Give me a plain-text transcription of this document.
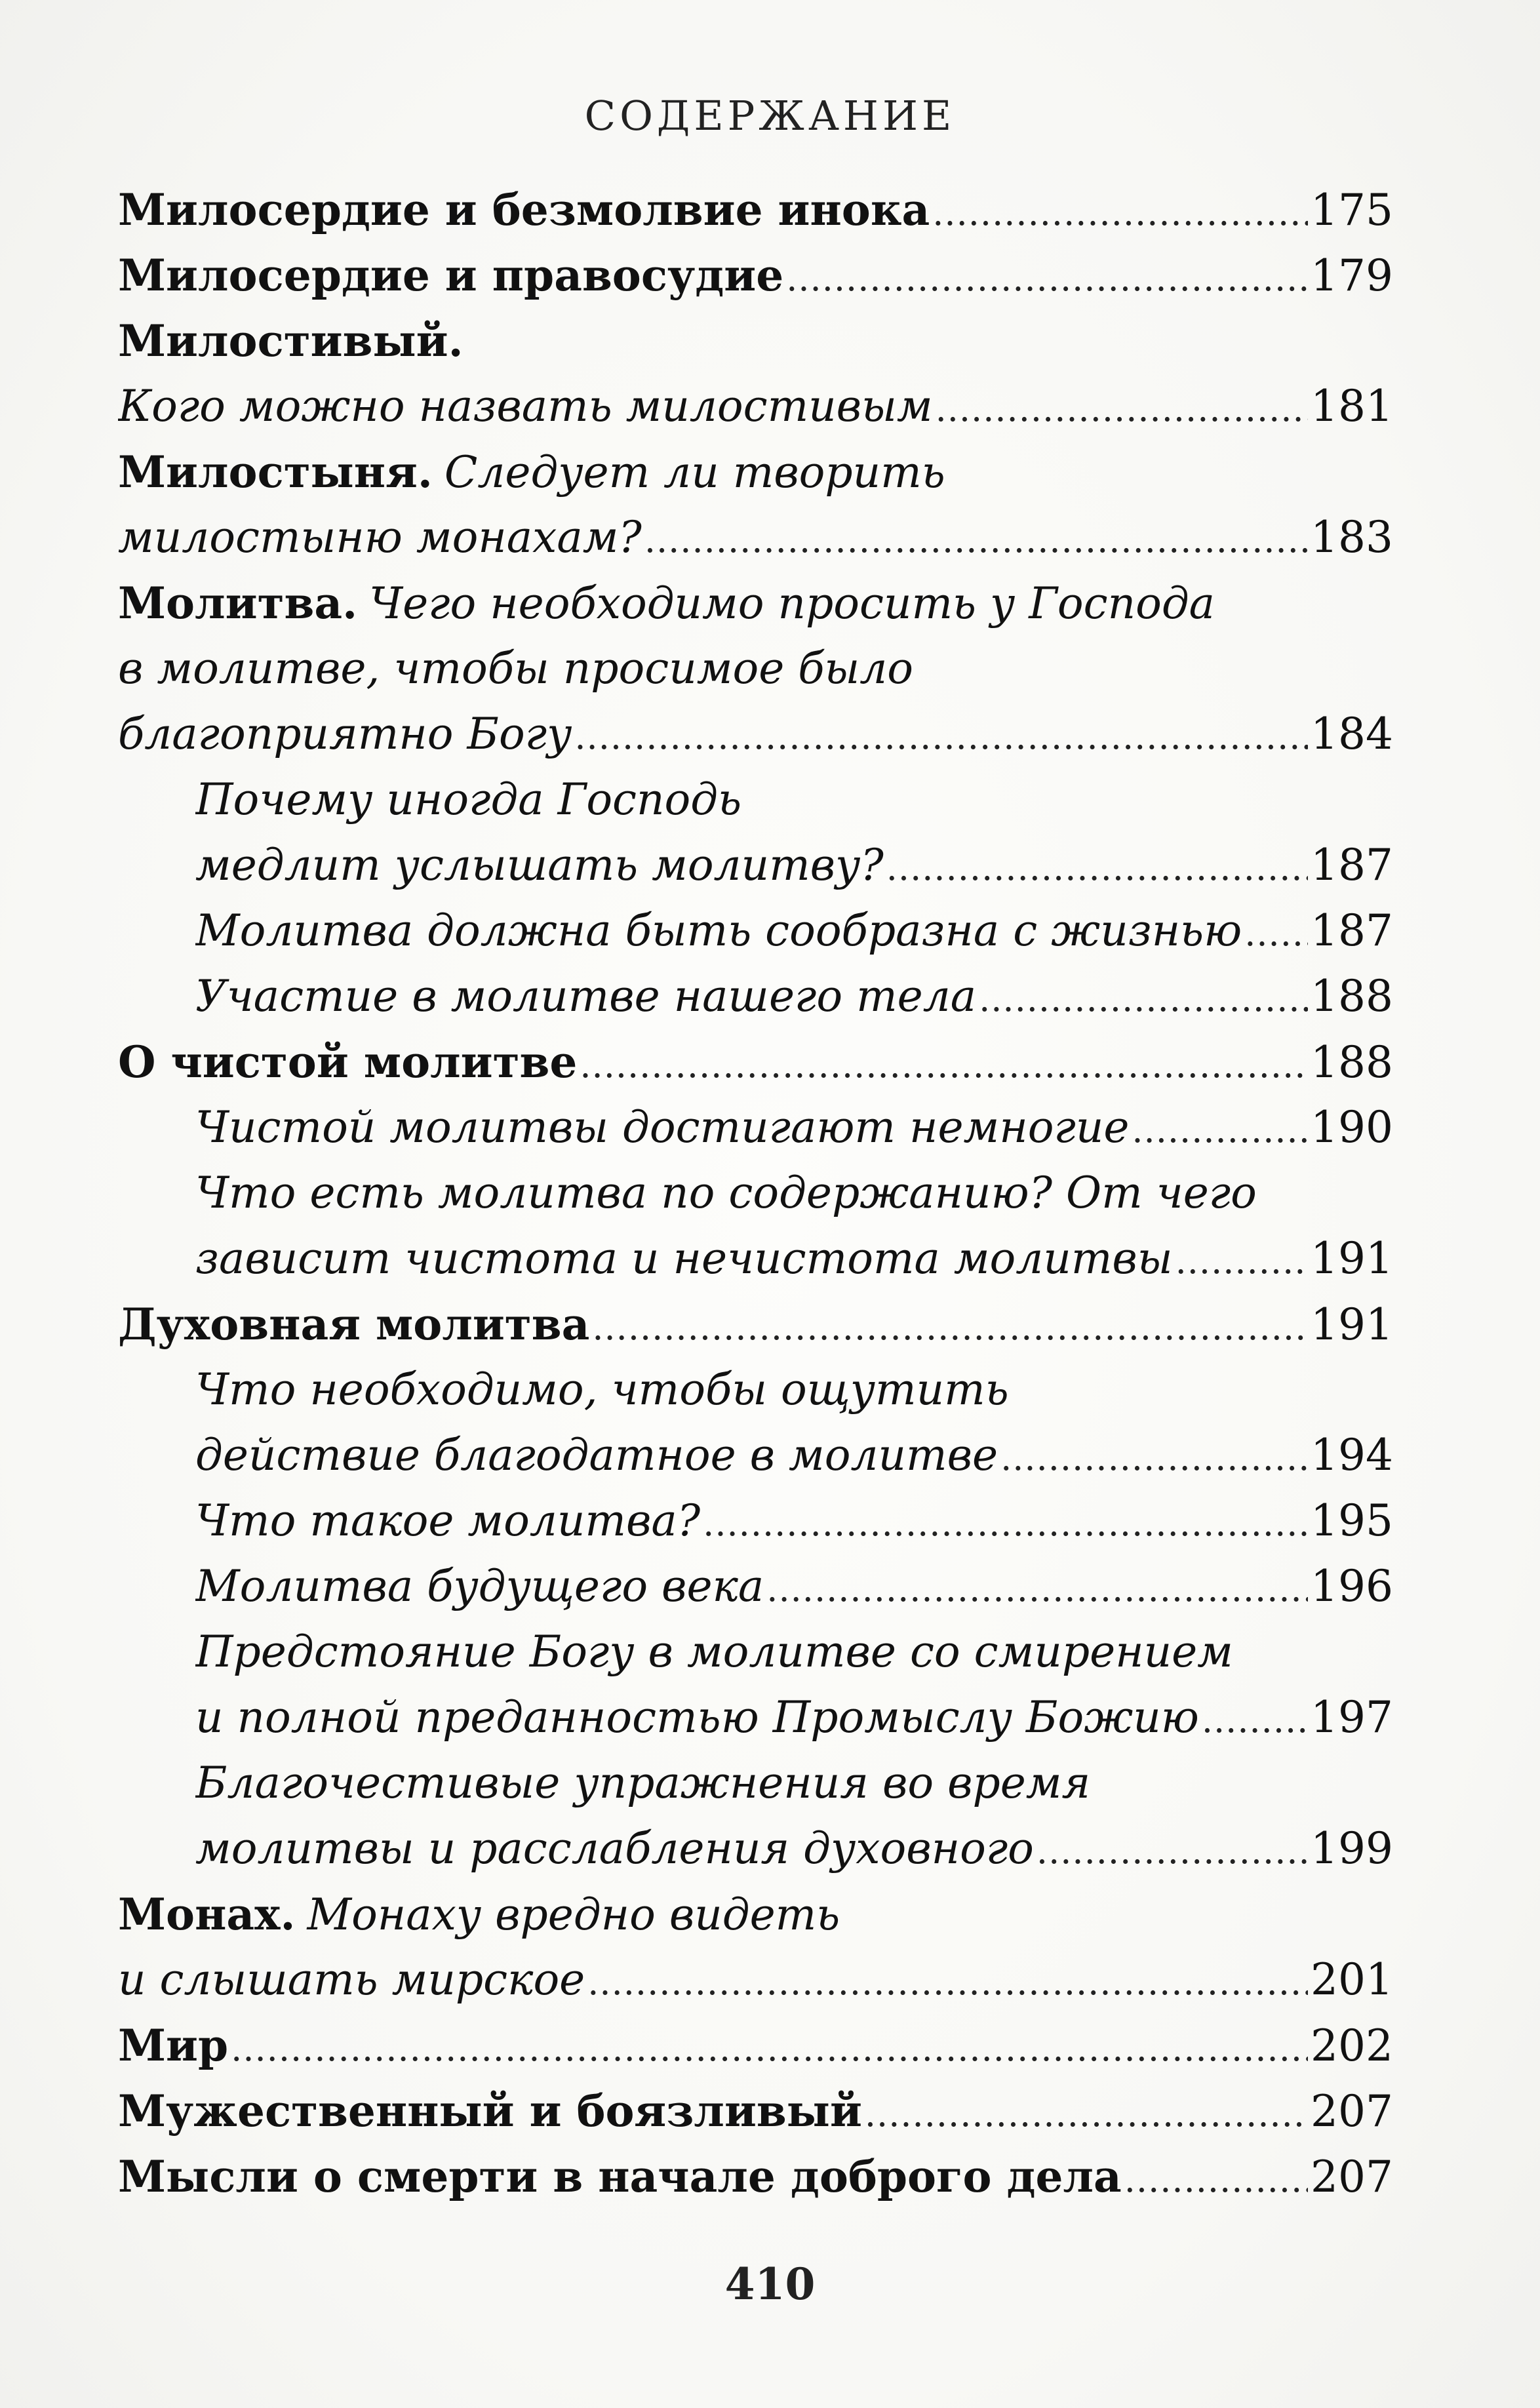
СОДЕРЖАНИЕ
Милосердие и безмолвие инока .....	175
Милосердие и правосудие .....	179
Милостивый.
Кого можно назвать милостивым .....	181
Милостыня. Следует ли творить
милостыню монахам? .....	183
Молитва. Чего необходимо просить у Господа
в молитве, чтобы просимое было
благоприятно Богу .....	184
Почему иногда Господь
медлит услышать молитву? .....	187
Молитва должна быть сообразна с жизнью ..... 187
Участие в молитве нашего тела .....	188
О чистой молитве .....	188
Чистой молитвы достигают немногие .....	190
Что есть молитва по содержанию? От чего
зависит чистота и нечистота молитвы .....	191
Духовная молитва .....	191
Что необходимо, чтобы ощутить
действие благодатное в молитве .....	194
Что такое молитва? .....	195
Молитва будущего века .....	196
Предстояние Богу в молитве со смирением
и полной преданностью Промыслу Божию .....	197
Благочестивые упражнения во время
молитвы и расслабления духовного .....	199
Монах. Монаху вредно видеть
и слышать мирское .....	201
Мир .....	202
Мужественный и боязливый .....	207
Мысли о смерти в начале доброго дела .....	207
410
